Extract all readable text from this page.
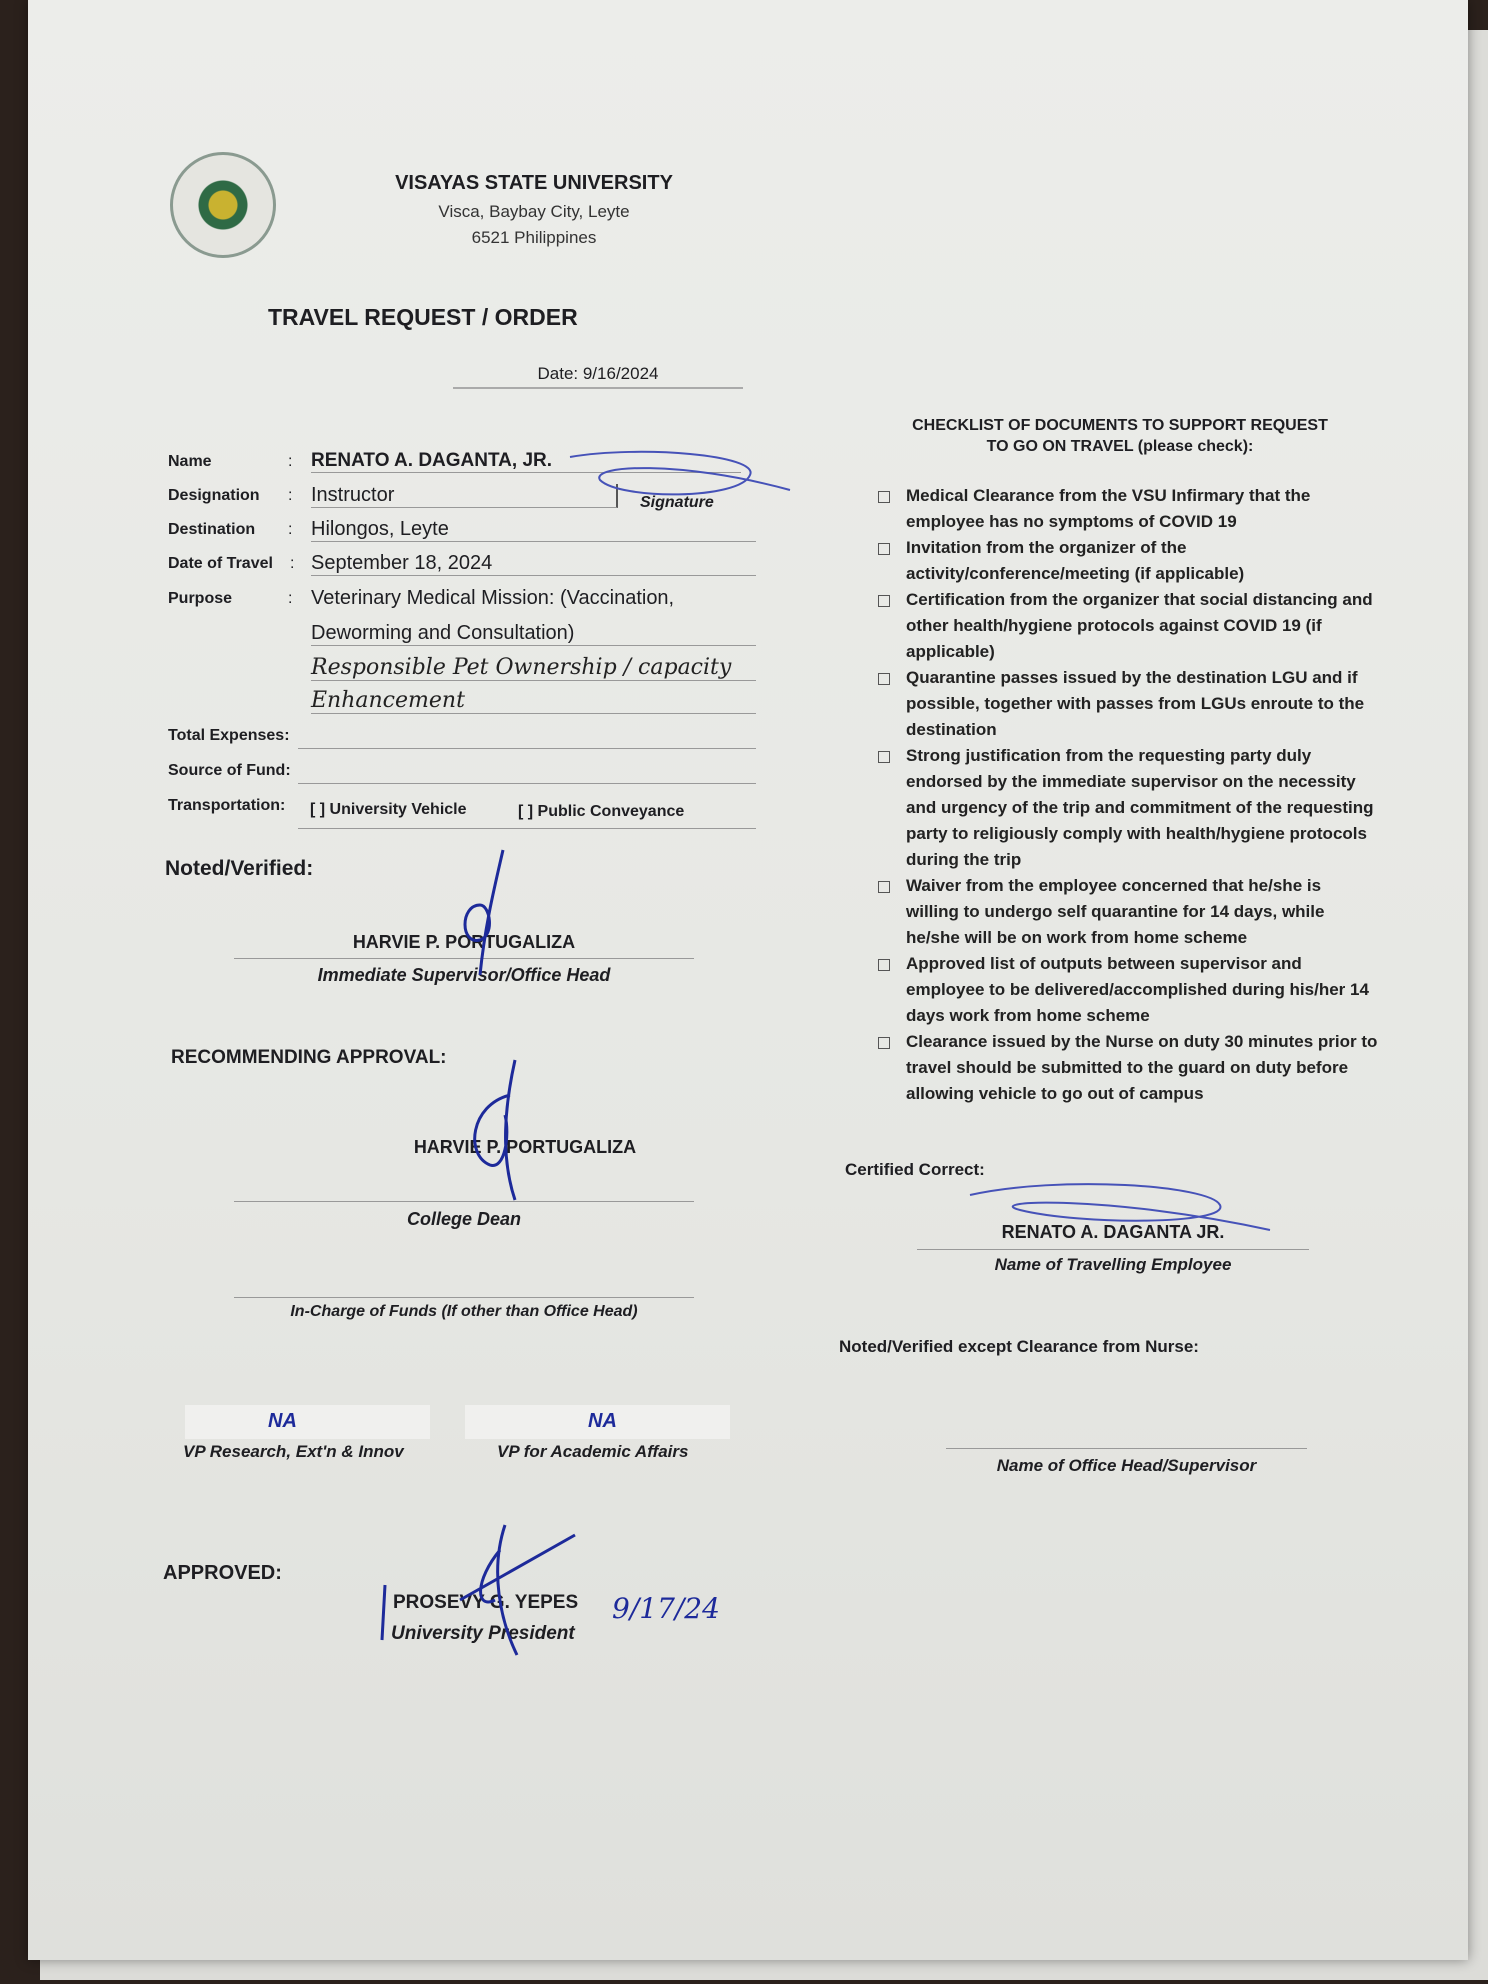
VISAYAS STATE UNIVERSITY
Visca, Baybay City, Leyte
6521 Philippines
TRAVEL REQUEST / ORDER
Date: 9/16/2024
Name	: RENATO A. DAGANTA, JR.
Designation : Instructor	Signature
Destination : Hilongos, Leyte
Date of Travel : September 18, 2024
Purpose	: Veterinary Medical Mission: (Vaccination,
Deworming and Consultation)
Responsible Pet Ownership / capacity
Enhancement
Total Expenses:
Source of Fund:
Transportation: [ ] University Vehicle	[ ] Public Conveyance
Noted/Verified:
HARVIE P. PORTUGALIZA
Immediate Supervisor/Office Head
RECOMMENDING APPROVAL:
HARVIE P. PORTUGALIZA
College Dean
In-Charge of Funds (If other than Office Head)
NA	NA
VP Research, Ext'n & Innov	VP for Academic Affairs
APPROVED:
PROSEVY G. YEPES
University President
9/17/24
CHECKLIST OF DOCUMENTS TO SUPPORT REQUEST
TO GO ON TRAVEL (please check):
Medical Clearance from the VSU Infirmary that the employee has no symptoms of COVID 19
Invitation from the organizer of the activity/conference/meeting (if applicable)
Certification from the organizer that social distancing and other health/hygiene protocols against COVID 19 (if applicable)
Quarantine passes issued by the destination LGU and if possible, together with passes from LGUs enroute to the destination
Strong justification from the requesting party duly endorsed by the immediate supervisor on the necessity and urgency of the trip and commitment of the requesting party to religiously comply with health/hygiene protocols during the trip
Waiver from the employee concerned that he/she is willing to undergo self quarantine for 14 days, while he/she will be on work from home scheme
Approved list of outputs between supervisor and employee to be delivered/accomplished during his/her 14 days work from home scheme
Clearance issued by the Nurse on duty 30 minutes prior to travel should be submitted to the guard on duty before allowing vehicle to go out of campus
Certified Correct:
RENATO A. DAGANTA JR.
Name of Travelling Employee
Noted/Verified except Clearance from Nurse:
Name of Office Head/Supervisor
